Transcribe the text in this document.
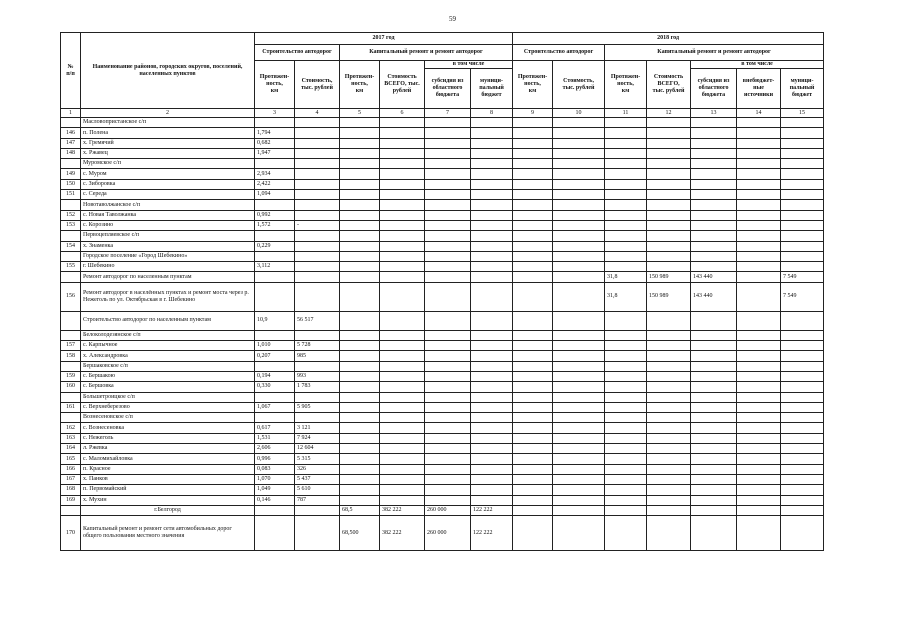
59
№
п/п	Наименование районов, городских округов, поселений, населенных пунктов	2017 год						2018 год						
		Строительство автодорог		Капитальный ремонт и ремонт автодорог				Строительство автодорог		Капитальный ремонт и ремонт автодорог				
		Протяжен-
ность,
км	Стоимость,
тыс. рублей	Протяжен-
ность,
км	Стоимость
ВСЕГО, тыс.
рублей	в том числе		Протяжен-
ность,
км	Стоимость,
тыс. рублей	Протяжен-
ность,
км	Стоимость
ВСЕГО,
тыс. рублей	в том числе		
						субсидия из
областного
бюджета	муници-
пальный
бюджет					субсидия из
областного
бюджета	внебюджет-
ные
источники	муници-
пальный
бюджет
1	2	3	4	5	6	7	8	9	10	11	12	13	14	15
	Масловопристанское с/п													
146	п. Полена	1,794												
147	х. Гремячий	0,682												
148	х. Ржавец	1,947												
	Муромское с/п													
149	с. Муром	2,934												
150	с. Зиборовка	2,422												
151	с. Середа	1,094												
	Новотаволжанское с/п													
152	с. Новая Таволжанка	0,992												
153	с. Корозино	1,572	-											
	Первоцепляевское с/п													
154	х. Знаменка	0,229												
	Городское поселение «Город Шебекино»													
155	г. Шебекино	3,112												
	Ремонт автодорог по населенным пунктам									31,8	150 989	143 440		7 549
156	Ремонт автодорог в населённых пунктах и ремонт моста через р. Нежеголь по ул. Октябрьская в г. Шебекино									31,8	150 989	143 440		7 549
	Строительство автодорог по населенным пунктам	10,9	56 517											
	Белоколодезянское с/п													
157	с. Карпычное	1,010	5 728											
158	х. Александровка	0,207	985											
	Бершаковское с/п													
159	с. Бершакою	0,194	993											
160	с. Бершовка	0,330	1 783											
	Большетроицкое с/п													
161	с. Верхнеберезово	1,067	5 905											
	Вознесеновское с/п													
162	с. Вознесеновка	0,617	3 121											
163	с. Нежеголь	1,531	7 924											
164	л. Ржевка	2,606	12 604											
165	с. Маломихайловка	0,996	5 315											
166	п. Красное	0,083	326											
167	х. Панков	1,070	5 437											
168	п. Первомайский	1,049	5 610											
169	х. Мухин	0,146	787											
	г.Белгород			68,5	382 222	260 000	122 222							
170	Капитальный ремонт и ремонт сети автомобильных дорог общего пользования местного значения			68,500	382 222	260 000	122 222							
